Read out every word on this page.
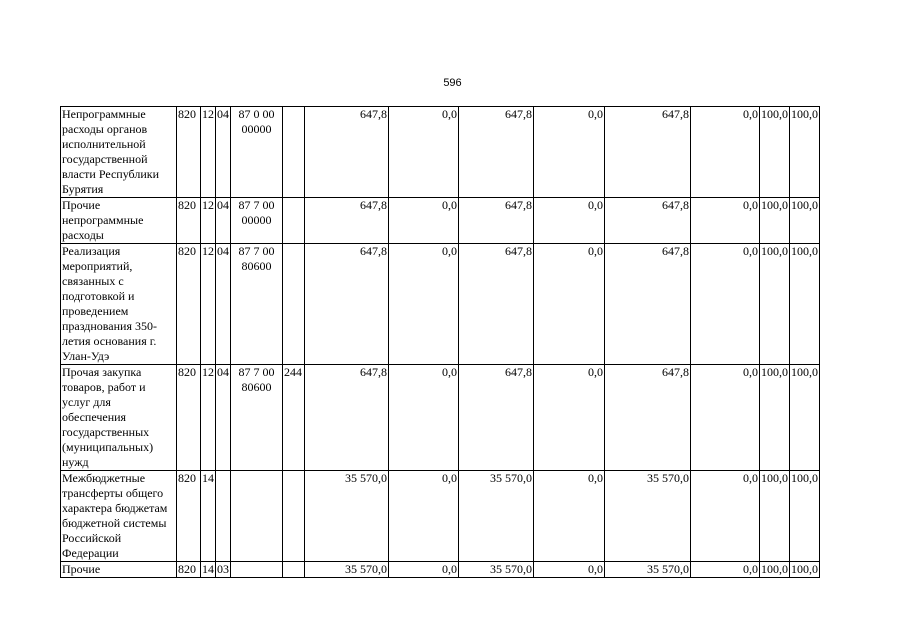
596
Непрограммные расходы органов исполнительной государственной власти Республики Бурятия	820	12	04	87 0 00 00000		647,8	0,0	647,8	0,0	647,8	0,0	100,0	100,0
Прочие непрограммные расходы	820	12	04	87 7 00 00000		647,8	0,0	647,8	0,0	647,8	0,0	100,0	100,0
Реализация мероприятий, связанных с подготовкой и проведением празднования 350-летия основания г. Улан-Удэ	820	12	04	87 7 00 80600		647,8	0,0	647,8	0,0	647,8	0,0	100,0	100,0
Прочая закупка товаров, работ и услуг для обеспечения государственных (муниципальных) нужд	820	12	04	87 7 00 80600	244	647,8	0,0	647,8	0,0	647,8	0,0	100,0	100,0
Межбюджетные трансферты общего характера бюджетам бюджетной системы Российской Федерации	820	14				35 570,0	0,0	35 570,0	0,0	35 570,0	0,0	100,0	100,0
Прочие	820	14	03			35 570,0	0,0	35 570,0	0,0	35 570,0	0,0	100,0	100,0
